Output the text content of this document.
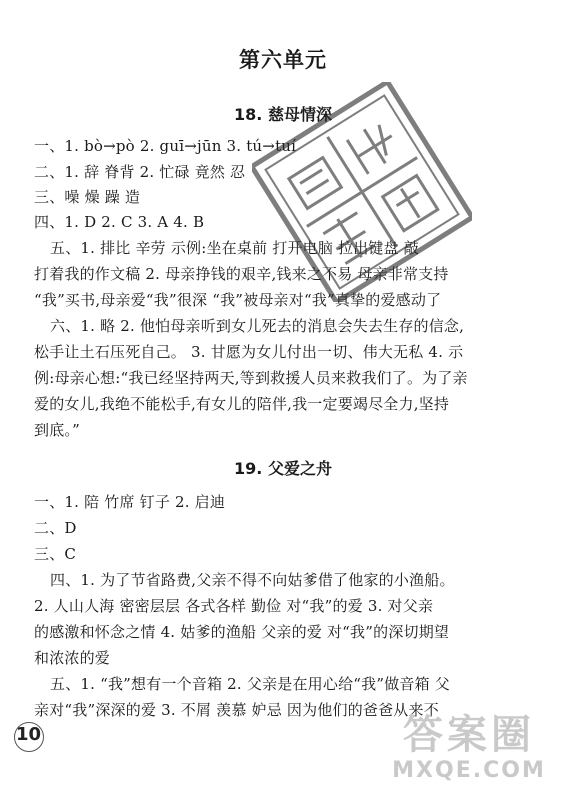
第六单元
18. 慈母情深
一、1. bò→pò 2. guī→jūn 3. tú→tuí
二、1. 辞 脊背 2. 忙碌 竟然 忍
三、噪 燥 躁 造
四、1. D 2. C 3. A 4. B
五、1. 排比 辛劳 示例:坐在桌前 打开电脑 拉出键盘 敲
打着我的作文稿 2. 母亲挣钱的艰辛,钱来之不易 母亲非常支持
“我”买书,母亲爱“我”很深 “我”被母亲对“我”真挚的爱感动了
六、1. 略 2. 他怕母亲听到女儿死去的消息会失去生存的信念,
松手让土石压死自己。 3. 甘愿为女儿付出一切、伟大无私 4. 示
例:母亲心想:“我已经坚持两天,等到救援人员来救我们了。为了亲
爱的女儿,我绝不能松手,有女儿的陪伴,我一定要竭尽全力,坚持
到底。”
19. 父爱之舟
一、1. 陪 竹席 钉子 2. 启迪
二、D
三、C
四、1. 为了节省路费,父亲不得不向姑爹借了他家的小渔船。
2. 人山人海 密密层层 各式各样 勤俭 对“我”的爱 3. 对父亲
的感激和怀念之情 4. 姑爹的渔船 父亲的爱 对“我”的深切期望
和浓浓的爱
五、1. “我”想有一个音箱 2. 父亲是在用心给“我”做音箱 父
亲对“我”深深的爱 3. 不屑 羡慕 妒忌 因为他们的爸爸从来不
10	答案圈
MXQE.COM
